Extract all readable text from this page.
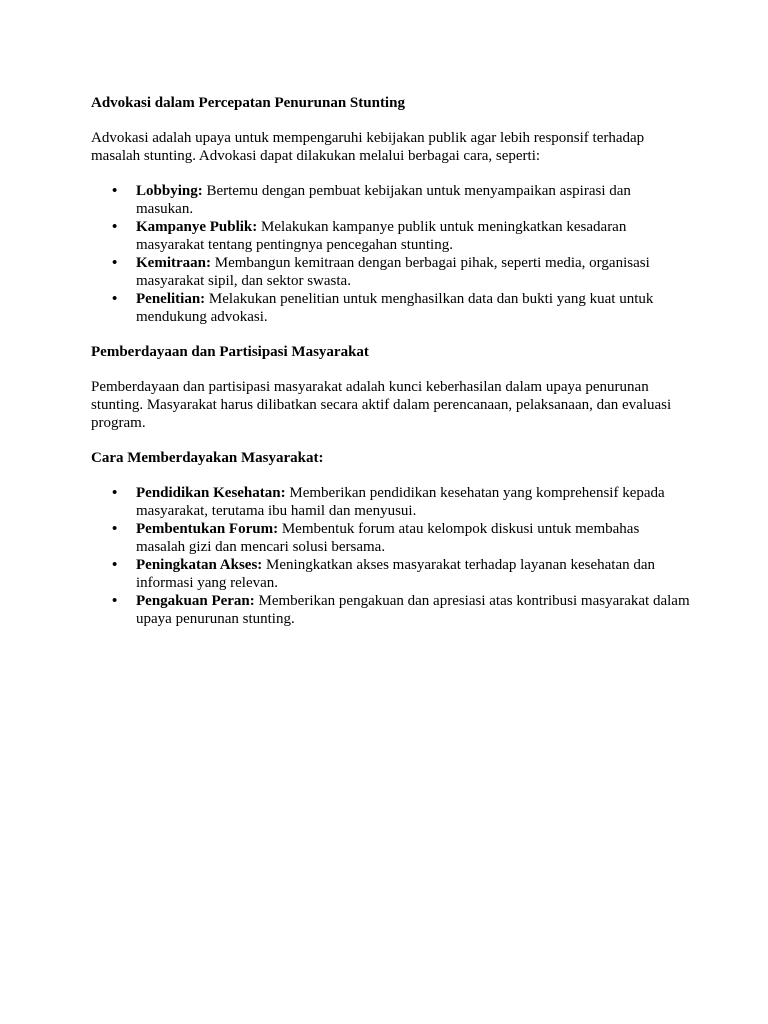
Advokasi dalam Percepatan Penurunan Stunting

Advokasi adalah upaya untuk mempengaruhi kebijakan publik agar lebih responsif terhadap masalah stunting. Advokasi dapat dilakukan melalui berbagai cara, seperti:

• Lobbying: Bertemu dengan pembuat kebijakan untuk menyampaikan aspirasi dan masukan.
• Kampanye Publik: Melakukan kampanye publik untuk meningkatkan kesadaran masyarakat tentang pentingnya pencegahan stunting.
• Kemitraan: Membangun kemitraan dengan berbagai pihak, seperti media, organisasi masyarakat sipil, dan sektor swasta.
• Penelitian: Melakukan penelitian untuk menghasilkan data dan bukti yang kuat untuk mendukung advokasi.

Pemberdayaan dan Partisipasi Masyarakat

Pemberdayaan dan partisipasi masyarakat adalah kunci keberhasilan dalam upaya penurunan stunting. Masyarakat harus dilibatkan secara aktif dalam perencanaan, pelaksanaan, dan evaluasi program.

Cara Memberdayakan Masyarakat:

• Pendidikan Kesehatan: Memberikan pendidikan kesehatan yang komprehensif kepada masyarakat, terutama ibu hamil dan menyusui.
• Pembentukan Forum: Membentuk forum atau kelompok diskusi untuk membahas masalah gizi dan mencari solusi bersama.
• Peningkatan Akses: Meningkatkan akses masyarakat terhadap layanan kesehatan dan informasi yang relevan.
• Pengakuan Peran: Memberikan pengakuan dan apresiasi atas kontribusi masyarakat dalam upaya penurunan stunting.
